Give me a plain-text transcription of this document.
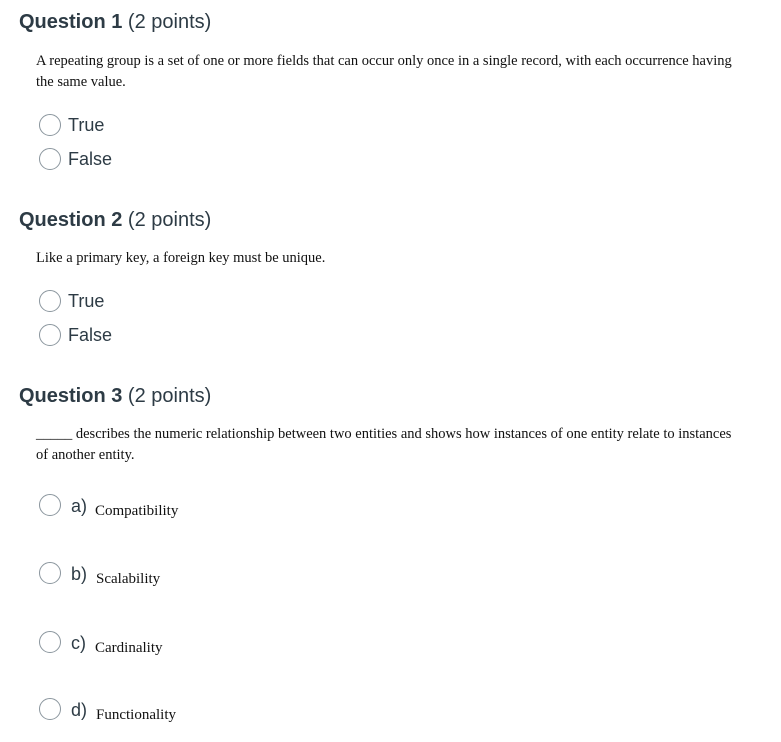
Question 1 (2 points)

A repeating group is a set of one or more fields that can occur only once in a single record, with each occurrence having the same value.

True
False
Question 2 (2 points)

Like a primary key, a foreign key must be unique.

True
False
Question 3 (2 points)

_____ describes the numeric relationship between two entities and shows how instances of one entity relate to instances of another entity.

a) Compatibility
b) Scalability
c) Cardinality
d) Functionality
